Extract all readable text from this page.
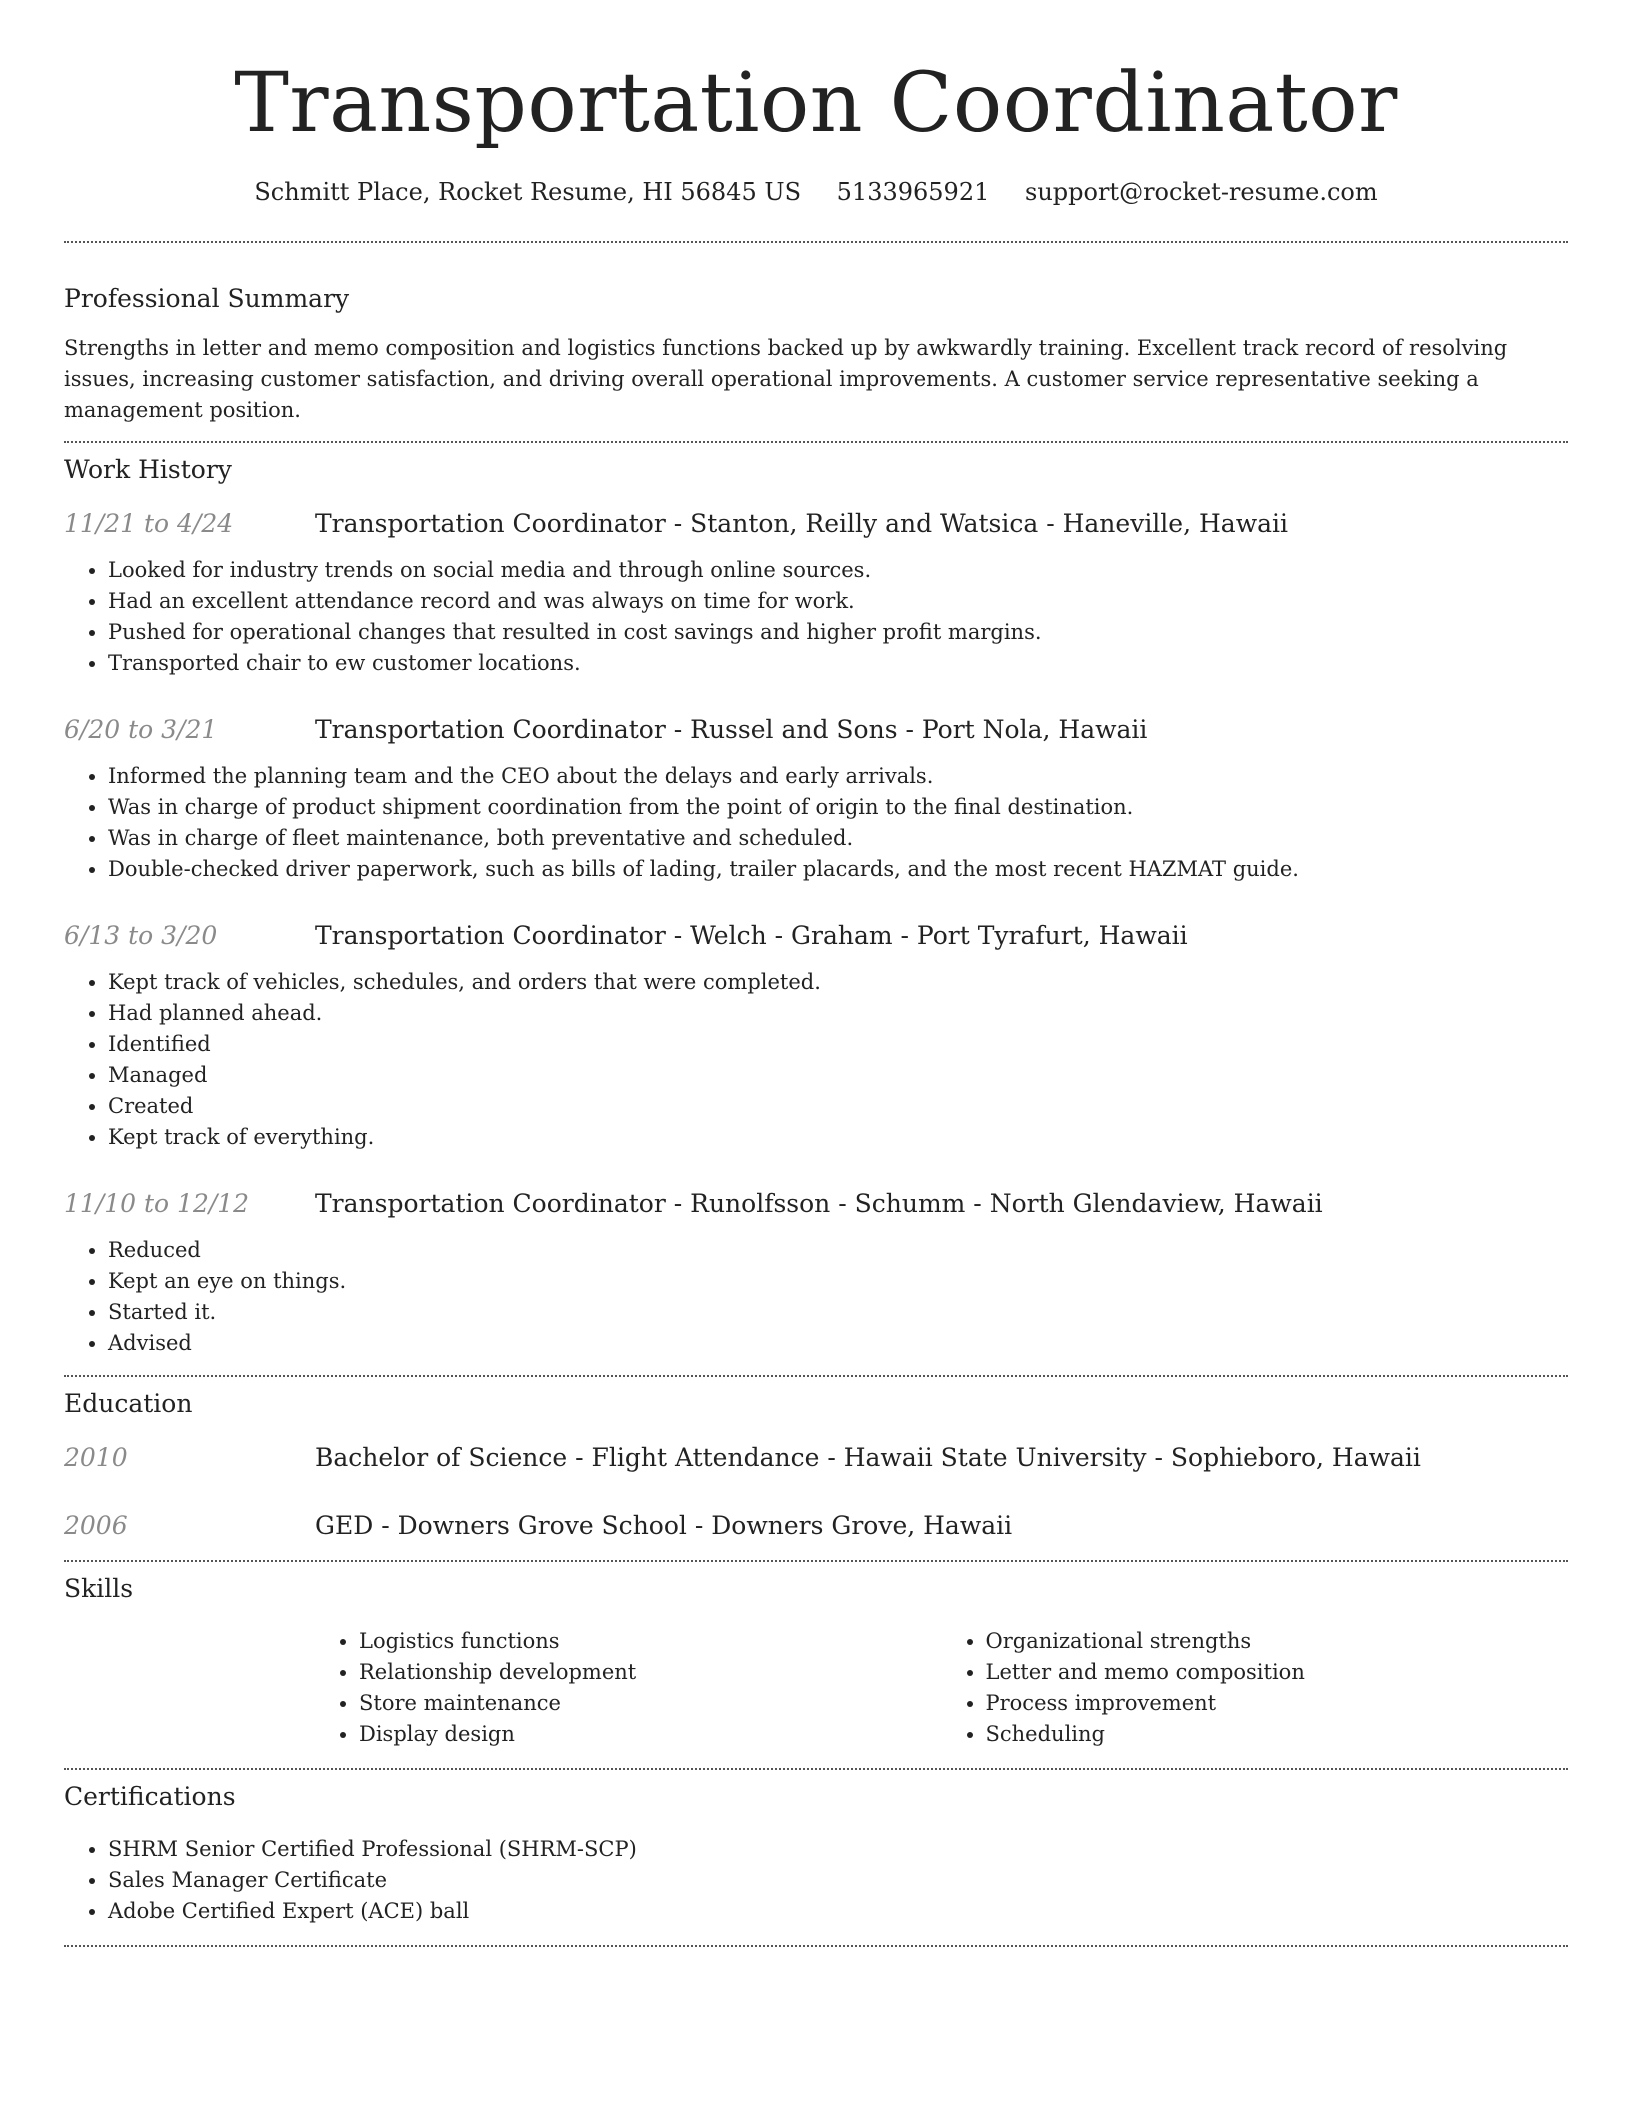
Transportation Coordinator
Schmitt Place, Rocket Resume, HI 56845 US 5133965921 support@rocket-resume.com
Professional Summary

Strengths in letter and memo composition and logistics functions backed up by awkwardly training. Excellent track record of resolving issues, increasing customer satisfaction, and driving overall operational improvements. A customer service representative seeking a management position.

Work History
11/21 to 4/24	Transportation Coordinator - Stanton, Reilly and Watsica - Haneville, Hawaii
• Looked for industry trends on social media and through online sources.
• Had an excellent attendance record and was always on time for work.
• Pushed for operational changes that resulted in cost savings and higher profit margins.
• Transported chair to ew customer locations.
6/20 to 3/21	Transportation Coordinator - Russel and Sons - Port Nola, Hawaii
• Informed the planning team and the CEO about the delays and early arrivals.
• Was in charge of product shipment coordination from the point of origin to the final destination.
• Was in charge of fleet maintenance, both preventative and scheduled.
• Double-checked driver paperwork, such as bills of lading, trailer placards, and the most recent HAZMAT guide.
6/13 to 3/20	Transportation Coordinator - Welch - Graham - Port Tyrafurt, Hawaii
• Kept track of vehicles, schedules, and orders that were completed.
• Had planned ahead.
• Identified
• Managed
• Created
• Kept track of everything.
11/10 to 12/12	Transportation Coordinator - Runolfsson - Schumm - North Glendaview, Hawaii
• Reduced
• Kept an eye on things.
• Started it.
• Advised
Education
2010	Bachelor of Science - Flight Attendance - Hawaii State University - Sophieboro, Hawaii
2006	GED - Downers Grove School - Downers Grove, Hawaii
Skills
• Logistics functions
• Relationship development
• Store maintenance
• Display design
• Organizational strengths
• Letter and memo composition
• Process improvement
• Scheduling
Certifications
• SHRM Senior Certified Professional (SHRM-SCP)
• Sales Manager Certificate
• Adobe Certified Expert (ACE) ball
